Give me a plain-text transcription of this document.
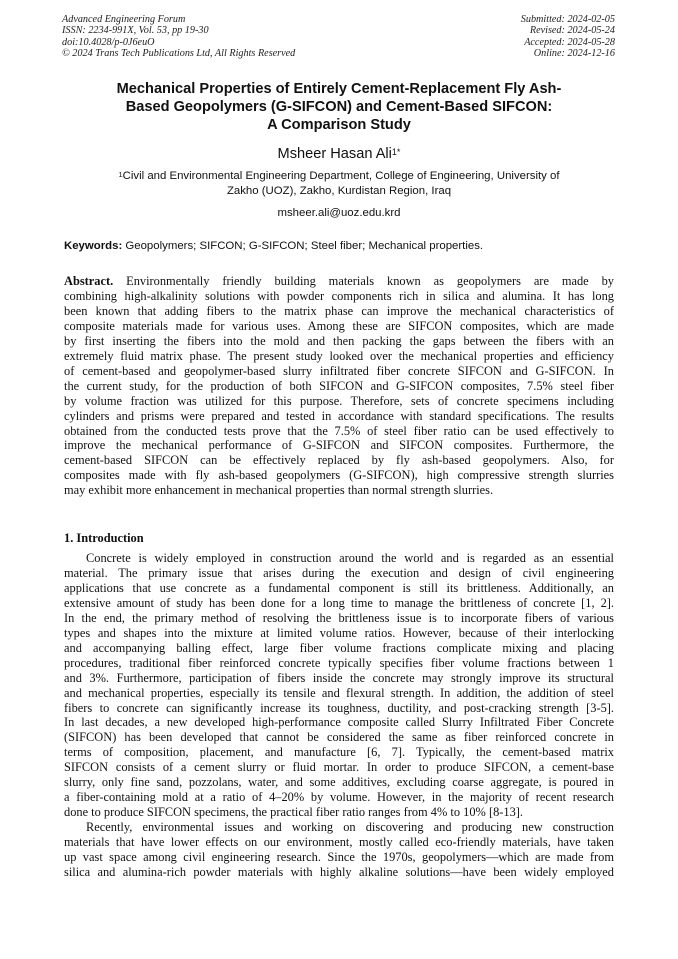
Advanced Engineering Forum
ISSN: 2234-991X, Vol. 53, pp 19-30
doi:10.4028/p-0J6euO
© 2024 Trans Tech Publications Ltd, All Rights Reserved
Submitted: 2024-02-05
Revised: 2024-05-24
Accepted: 2024-05-28
Online: 2024-12-16
Mechanical Properties of Entirely Cement-Replacement Fly Ash-
Based Geopolymers (G-SIFCON) and Cement-Based SIFCON:
A Comparison Study
Msheer Hasan Ali$^{1*}$
$^1$Civil and Environmental Engineering Department, College of Engineering, University of
Zakho (UOZ), Zakho, Kurdistan Region, Iraq
msheer.ali@uoz.edu.krd
Keywords: Geopolymers; SIFCON; G-SIFCON; Steel fiber; Mechanical properties.
Abstract. Environmentally friendly building materials known as geopolymers are made by
combining high-alkalinity solutions with powder components rich in silica and alumina. It has long
been known that adding fibers to the matrix phase can improve the mechanical characteristics of
composite materials made for various uses. Among these are SIFCON composites, which are made
by first inserting the fibers into the mold and then packing the gaps between the fibers with an
extremely fluid matrix phase. The present study looked over the mechanical properties and efficiency
of cement-based and geopolymer-based slurry infiltrated fiber concrete SIFCON and G-SIFCON. In
the current study, for the production of both SIFCON and G-SIFCON composites, 7.5% steel fiber
by volume fraction was utilized for this purpose. Therefore, sets of concrete specimens including
cylinders and prisms were prepared and tested in accordance with standard specifications. The results
obtained from the conducted tests prove that the 7.5% of steel fiber ratio can be used effectively to
improve the mechanical performance of G-SIFCON and SIFCON composites. Furthermore, the
cement-based SIFCON can be effectively replaced by fly ash-based geopolymers. Also, for
composites made with fly ash-based geopolymers (G-SIFCON), high compressive strength slurries
may exhibit more enhancement in mechanical properties than normal strength slurries.
1. Introduction
Concrete is widely employed in construction around the world and is regarded as an essential
material. The primary issue that arises during the execution and design of civil engineering
applications that use concrete as a fundamental component is still its brittleness. Additionally, an
extensive amount of study has been done for a long time to manage the brittleness of concrete [1, 2].
In the end, the primary method of resolving the brittleness issue is to incorporate fibers of various
types and shapes into the mixture at limited volume ratios. However, because of their interlocking
and accompanying balling effect, large fiber volume fractions complicate mixing and placing
procedures, traditional fiber reinforced concrete typically specifies fiber volume fractions between 1
and 3%. Furthermore, participation of fibers inside the concrete may strongly improve its structural
and mechanical properties, especially its tensile and flexural strength. In addition, the addition of steel
fibers to concrete can significantly increase its toughness, ductility, and post-cracking strength [3-5].
In last decades, a new developed high-performance composite called Slurry Infiltrated Fiber Concrete
(SIFCON) has been developed that cannot be considered the same as fiber reinforced concrete in
terms of composition, placement, and manufacture [6, 7]. Typically, the cement-based matrix
SIFCON consists of a cement slurry or fluid mortar. In order to produce SIFCON, a cement-base
slurry, only fine sand, pozzolans, water, and some additives, excluding coarse aggregate, is poured in
a fiber-containing mold at a ratio of 4–20% by volume. However, in the majority of recent research
done to produce SIFCON specimens, the practical fiber ratio ranges from 4% to 10% [8-13].
Recently, environmental issues and working on discovering and producing new construction
materials that have lower effects on our environment, mostly called eco-friendly materials, have taken
up vast space among civil engineering research. Since the 1970s, geopolymers—which are made from
silica and alumina-rich powder materials with highly alkaline solutions—have been widely employed
